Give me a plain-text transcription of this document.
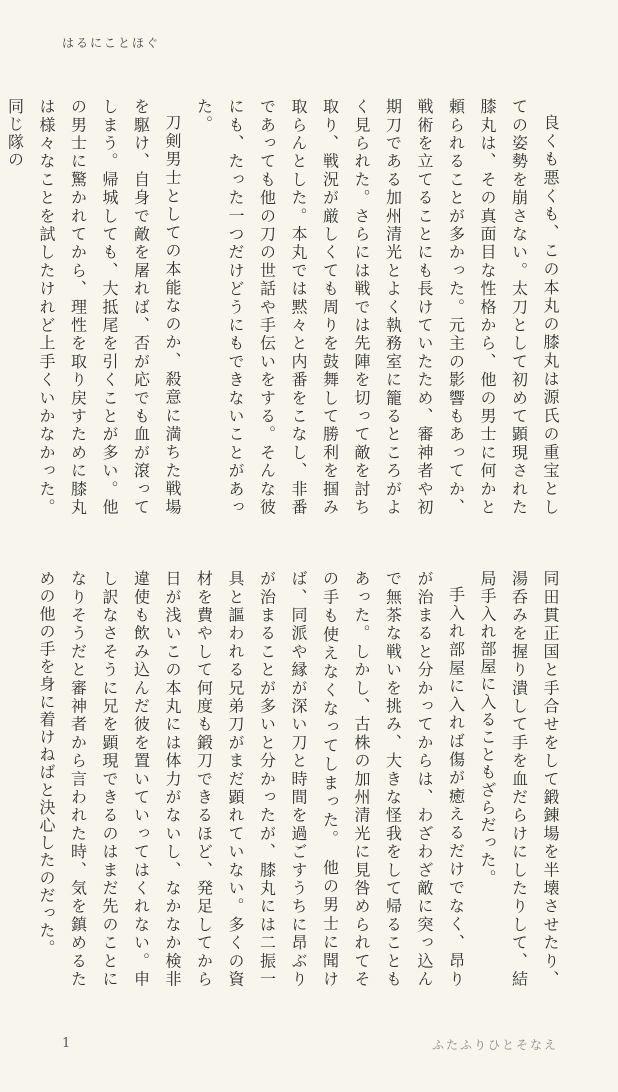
はるにことほぐ

良くも悪くも、この本丸の膝丸は源氏の重宝としての姿勢を崩さない。太刀として初めて顕現された膝丸は、その真面目な性格から、他の男士に何かと頼られることが多かった。元主の影響もあってか、戦術を立てることにも長けていたため、審神者や初期刀である加州清光とよく執務室に籠るところがよく見られた。さらには戦では先陣を切って敵を討ち取り、戦況が厳しくても周りを鼓舞して勝利を掴み取らんとした。本丸では黙々と内番をこなし、非番であっても他の刀の世話や手伝いをする。そんな彼にも、たった一つだけどうにもできないことがあった。

刀剣男士としての本能なのか、殺意に満ちた戦場を駆け、自身で敵を屠れば、否が応でも血が滾ってしまう。帰城しても、大抵尾を引くことが多い。他の男士に驚かれてから、理性を取り戻すために膝丸は様々なことを試したけれど上手くいかなかった。同じ隊の

同田貫正国と手合せをして鍛錬場を半壊させたり、湯呑みを握り潰して手を血だらけにしたりして、結局手入れ部屋に入ることもざらだった。

手入れ部屋に入れば傷が癒えるだけでなく、昂りが治まると分かってからは、わざわざ敵に突っ込んで無茶な戦いを挑み、大きな怪我をして帰ることもあった。しかし、古株の加州清光に見咎められてその手も使えなくなってしまった。　他の男士に聞けば、同派や縁が深い刀と時間を過ごすうちに昂ぶりが治まることが多いと分かったが、膝丸には二振一具と謳われる兄弟刀がまだ顕れていない。多くの資材を費やして何度も鍛刀できるほど、発足してから日が浅いこの本丸には体力がないし、なかなか検非違使も飲み込んだ彼を置いていってはくれない。申し訳なさそうに兄を顕現できるのはまだ先のことになりそうだと審神者から言われた時、気を鎮めるための他の手を身に着けねばと決心したのだった。

1	ふたふりひとそなえ
